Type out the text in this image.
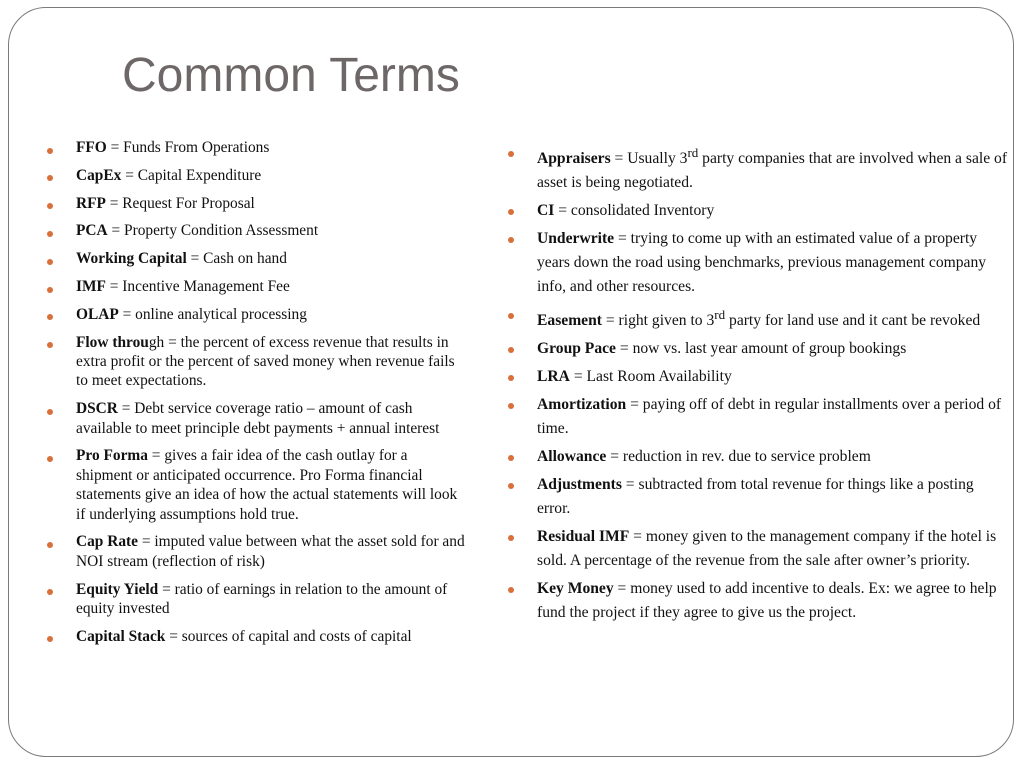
Common Terms
FFO = Funds From Operations
CapEx = Capital Expenditure
RFP = Request For Proposal
PCA = Property Condition Assessment
Working Capital = Cash on hand
IMF = Incentive Management Fee
OLAP = online analytical processing
Flow through = the percent of excess revenue that results in extra profit or the percent of saved money when revenue fails to meet expectations.
DSCR = Debt service coverage ratio – amount of cash available to meet principle debt payments + annual interest
Pro Forma = gives a fair idea of the cash outlay for a shipment or anticipated occurrence. Pro Forma financial statements give an idea of how the actual statements will look if underlying assumptions hold true.
Cap Rate = imputed value between what the asset sold for and NOI stream (reflection of risk)
Equity Yield = ratio of earnings in relation to the amount of equity invested
Capital Stack = sources of capital and costs of capital
Appraisers = Usually 3rd party companies that are involved when a sale of asset is being negotiated.
CI = consolidated Inventory
Underwrite = trying to come up with an estimated value of a property years down the road using benchmarks, previous management company info, and other resources.
Easement = right given to 3rd party for land use and it cant be revoked
Group Pace = now vs. last year amount of group bookings
LRA = Last Room Availability
Amortization = paying off of debt in regular installments over a period of time.
Allowance = reduction in rev. due to service problem
Adjustments = subtracted from total revenue for things like a posting error.
Residual IMF = money given to the management company if the hotel is sold. A percentage of the revenue from the sale after owner’s priority.
Key Money = money used to add incentive to deals. Ex: we agree to help fund the project if they agree to give us the project.
